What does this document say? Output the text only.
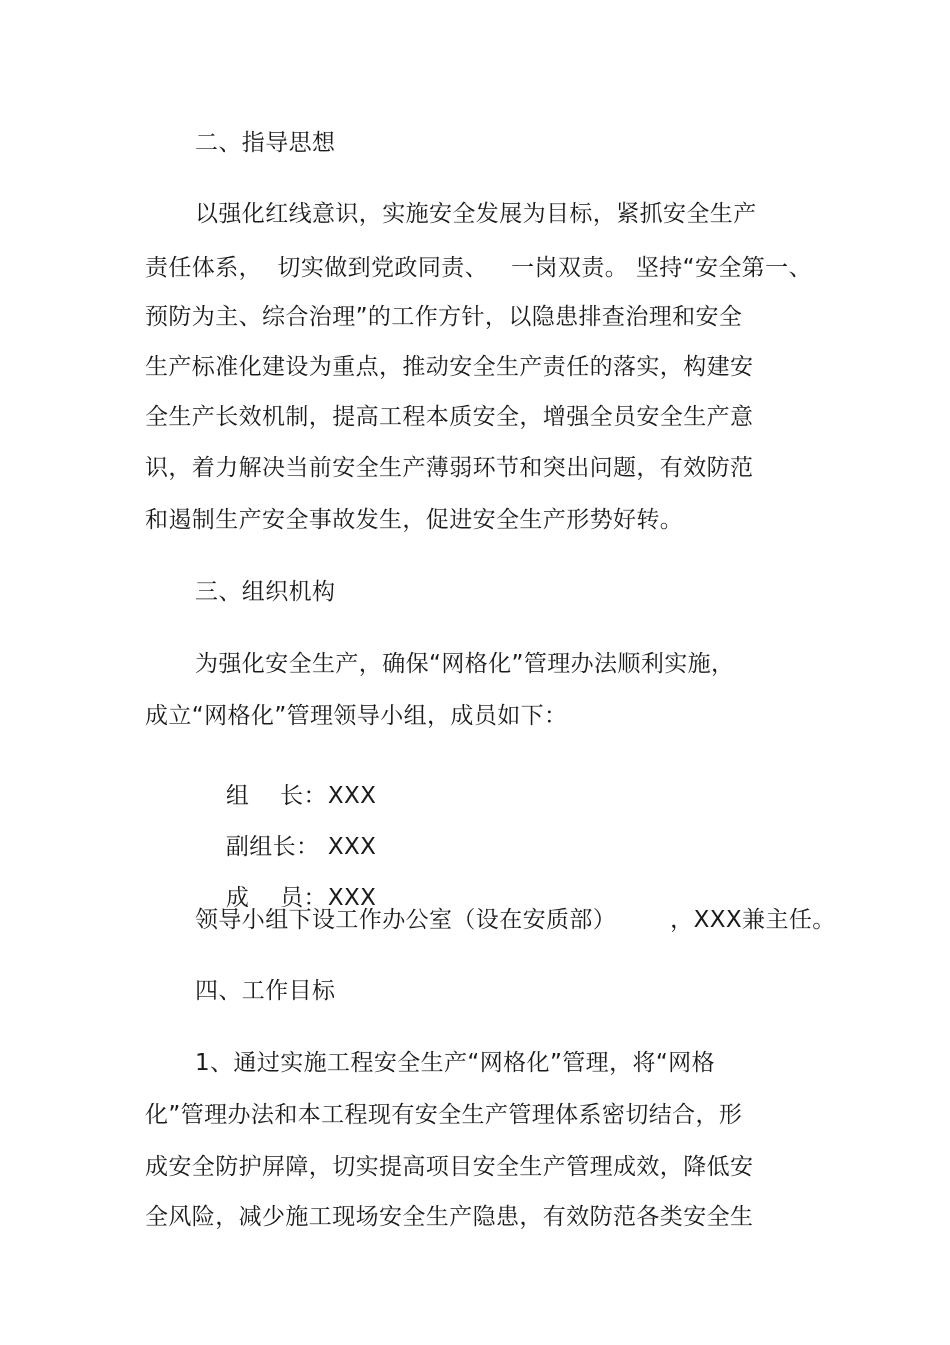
二、指导思想
以强化红线意识，实施安全发展为目标，紧抓安全生产
责任体系，  切实做到党政同责、   一岗双责。 坚持“安全第一、
预防为主、综合治理”的工作方针，以隐患排查治理和安全
生产标准化建设为重点，推动安全生产责任的落实，构建安
全生产长效机制，提高工程本质安全，增强全员安全生产意
识，着力解决当前安全生产薄弱环节和突出问题，有效防范
和遏制生产安全事故发生，促进安全生产形势好转。
三、组织机构
为强化安全生产，确保“网格化”管理办法顺利实施，
成立“网格化”管理领导小组，成员如下：

组    长：XXX

副组长： XXX

成    员：XXX

领导小组下设工作办公室（设在安质部）       ，XXX兼主任。
四、工作目标
1、通过实施工程安全生产“网格化”管理，将“网格
化”管理办法和本工程现有安全生产管理体系密切结合，形
成安全防护屏障，切实提高项目安全生产管理成效，降低安
全风险，减少施工现场安全生产隐患，有效防范各类安全生
